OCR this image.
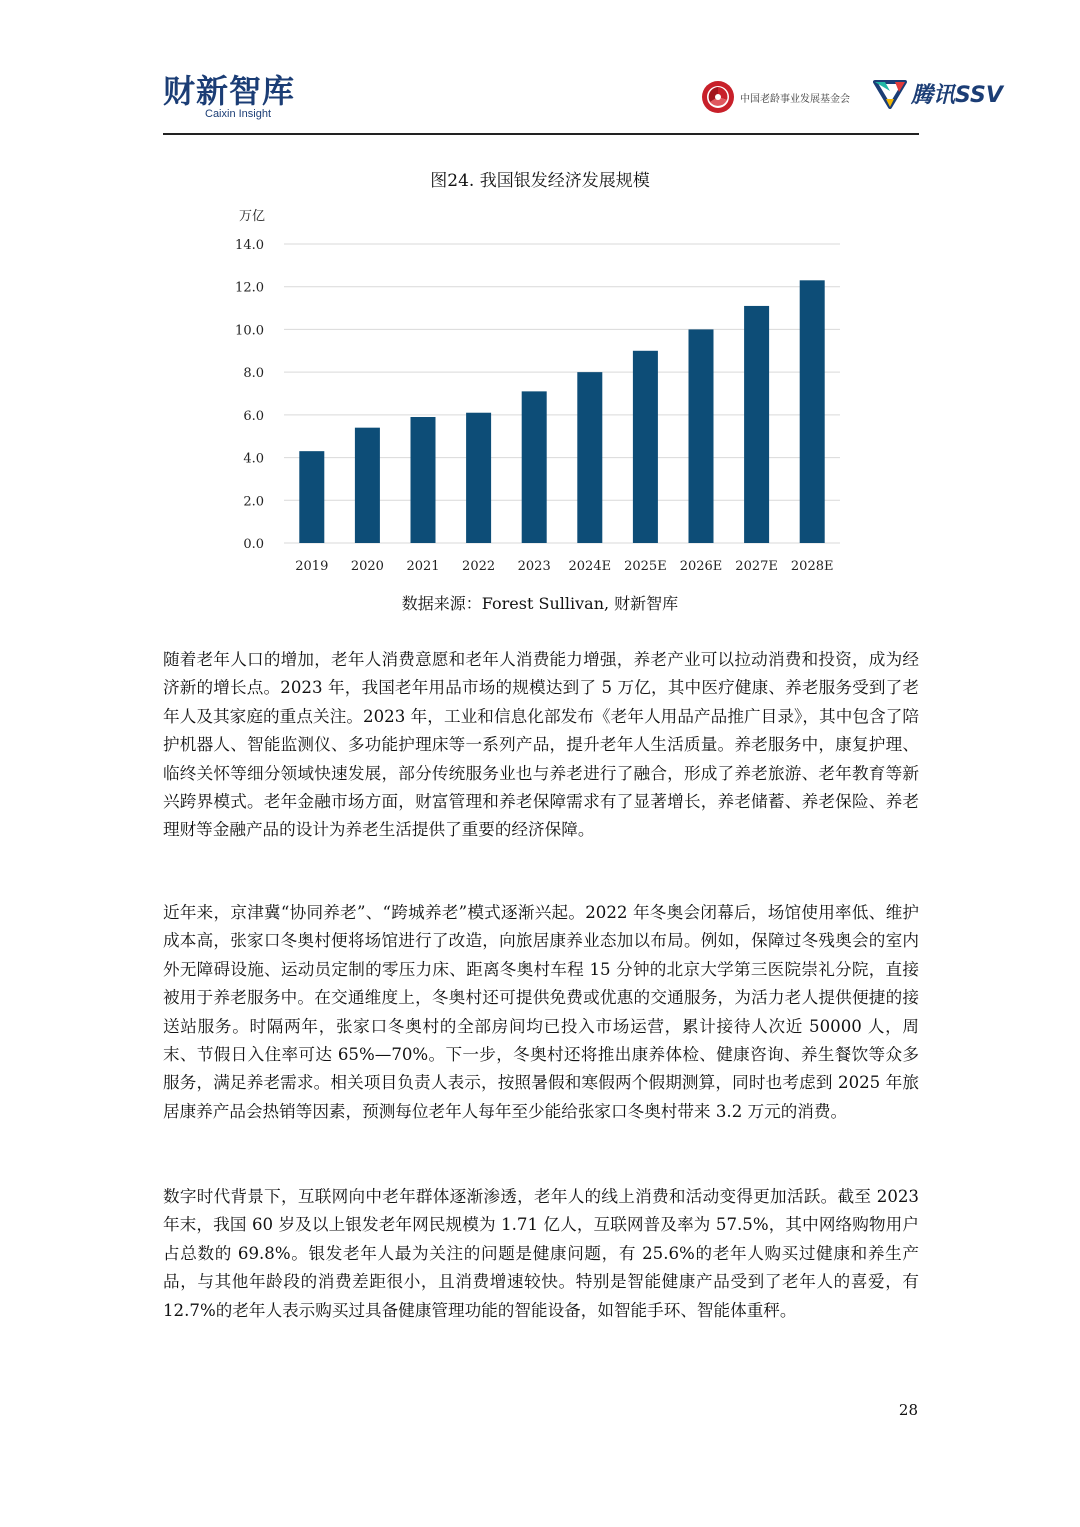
财新智库
Caixin Insight
中国老龄事业发展基金会	腾讯SSV
图24. 我国银发经济发展规模
0.0
2.0
4.0
6.0
8.0
10.0
12.0
14.0
2019 2020 2021 2022 2023 2024E 2025E 2026E 2027E 2028E
万亿
数据来源：Forest Sullivan, 财新智库

随着老年人口的增加，老年人消费意愿和老年人消费能力增强，养老产业可以拉动消费和投资，成为经济新的增长点。2023 年，我国老年用品市场的规模达到了 5 万亿，其中医疗健康、养老服务受到了老年人及其家庭的重点关注。2023 年，工业和信息化部发布《老年人用品产品推广目录》，其中包含了陪护机器人、智能监测仪、多功能护理床等一系列产品，提升老年人生活质量。养老服务中，康复护理、临终关怀等细分领域快速发展，部分传统服务业也与养老进行了融合，形成了养老旅游、老年教育等新兴跨界模式。老年金融市场方面，财富管理和养老保障需求有了显著增长，养老储蓄、养老保险、养老理财等金融产品的设计为养老生活提供了重要的经济保障。

近年来，京津冀“协同养老”、“跨城养老”模式逐渐兴起。2022 年冬奥会闭幕后，场馆使用率低、维护成本高，张家口冬奥村便将场馆进行了改造，向旅居康养业态加以布局。例如，保障过冬残奥会的室内外无障碍设施、运动员定制的零压力床、距离冬奥村车程 15 分钟的北京大学第三医院崇礼分院，直接被用于养老服务中。在交通维度上，冬奥村还可提供免费或优惠的交通服务，为活力老人提供便捷的接送站服务。时隔两年，张家口冬奥村的全部房间均已投入市场运营，累计接待人次近 50000 人，周末、节假日入住率可达 65%—70%。下一步，冬奥村还将推出康养体检、健康咨询、养生餐饮等众多服务，满足养老需求。相关项目负责人表示，按照暑假和寒假两个假期测算，同时也考虑到 2025 年旅居康养产品会热销等因素，预测每位老年人每年至少能给张家口冬奥村带来 3.2 万元的消费。

数字时代背景下，互联网向中老年群体逐渐渗透，老年人的线上消费和活动变得更加活跃。截至 2023 年末，我国 60 岁及以上银发老年网民规模为 1.71 亿人，互联网普及率为 57.5%，其中网络购物用户占总数的 69.8%。银发老年人最为关注的问题是健康问题，有 25.6%的老年人购买过健康和养生产品，与其他年龄段的消费差距很小，且消费增速较快。特别是智能健康产品受到了老年人的喜爱，有 12.7%的老年人表示购买过具备健康管理功能的智能设备，如智能手环、智能体重秤。

28
